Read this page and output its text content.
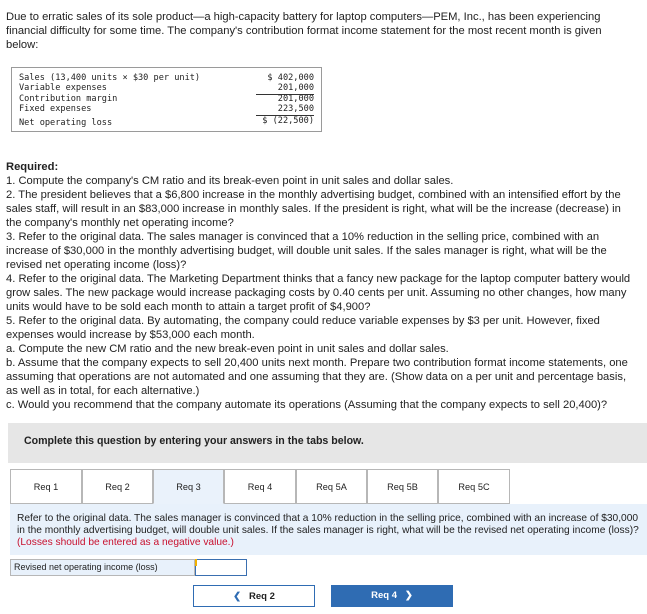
Due to erratic sales of its sole product—a high-capacity battery for laptop computers—PEM, Inc., has been experiencing financial difficulty for some time. The company's contribution format income statement for the most recent month is given below:
Sales (13,400 units × $30 per unit)	$ 402,000
Variable expenses	201,000
Contribution margin	201,000
Fixed expenses	223,500
Net operating loss	$ (22,500)
Required:

1. Compute the company's CM ratio and its break-even point in unit sales and dollar sales.

2. The president believes that a $6,800 increase in the monthly advertising budget, combined with an intensified effort by the sales staff, will result in an $83,000 increase in monthly sales. If the president is right, what will be the increase (decrease) in the company's monthly net operating income?

3. Refer to the original data. The sales manager is convinced that a 10% reduction in the selling price, combined with an increase of $30,000 in the monthly advertising budget, will double unit sales. If the sales manager is right, what will be the revised net operating income (loss)?

4. Refer to the original data. The Marketing Department thinks that a fancy new package for the laptop computer battery would grow sales. The new package would increase packaging costs by 0.40 cents per unit. Assuming no other changes, how many units would have to be sold each month to attain a target profit of $4,900?

5. Refer to the original data. By automating, the company could reduce variable expenses by $3 per unit. However, fixed expenses would increase by $53,000 each month.

a. Compute the new CM ratio and the new break-even point in unit sales and dollar sales.

b. Assume that the company expects to sell 20,400 units next month. Prepare two contribution format income statements, one assuming that operations are not automated and one assuming that they are. (Show data on a per unit and percentage basis, as well as in total, for each alternative.)

c. Would you recommend that the company automate its operations (Assuming that the company expects to sell 20,400)?

Complete this question by entering your answers in the tabs below.
Req 1	Req 2	Req 3	Req 4	Req 5A	Req 5B	Req 5C

Refer to the original data. The sales manager is convinced that a 10% reduction in the selling price, combined with an increase of $30,000 in the monthly advertising budget, will double unit sales. If the sales manager is right, what will be the revised net operating income (loss)? (Losses should be entered as a negative value.)

Revised net operating income (loss)
❮ Req 2	Req 4 ❯
